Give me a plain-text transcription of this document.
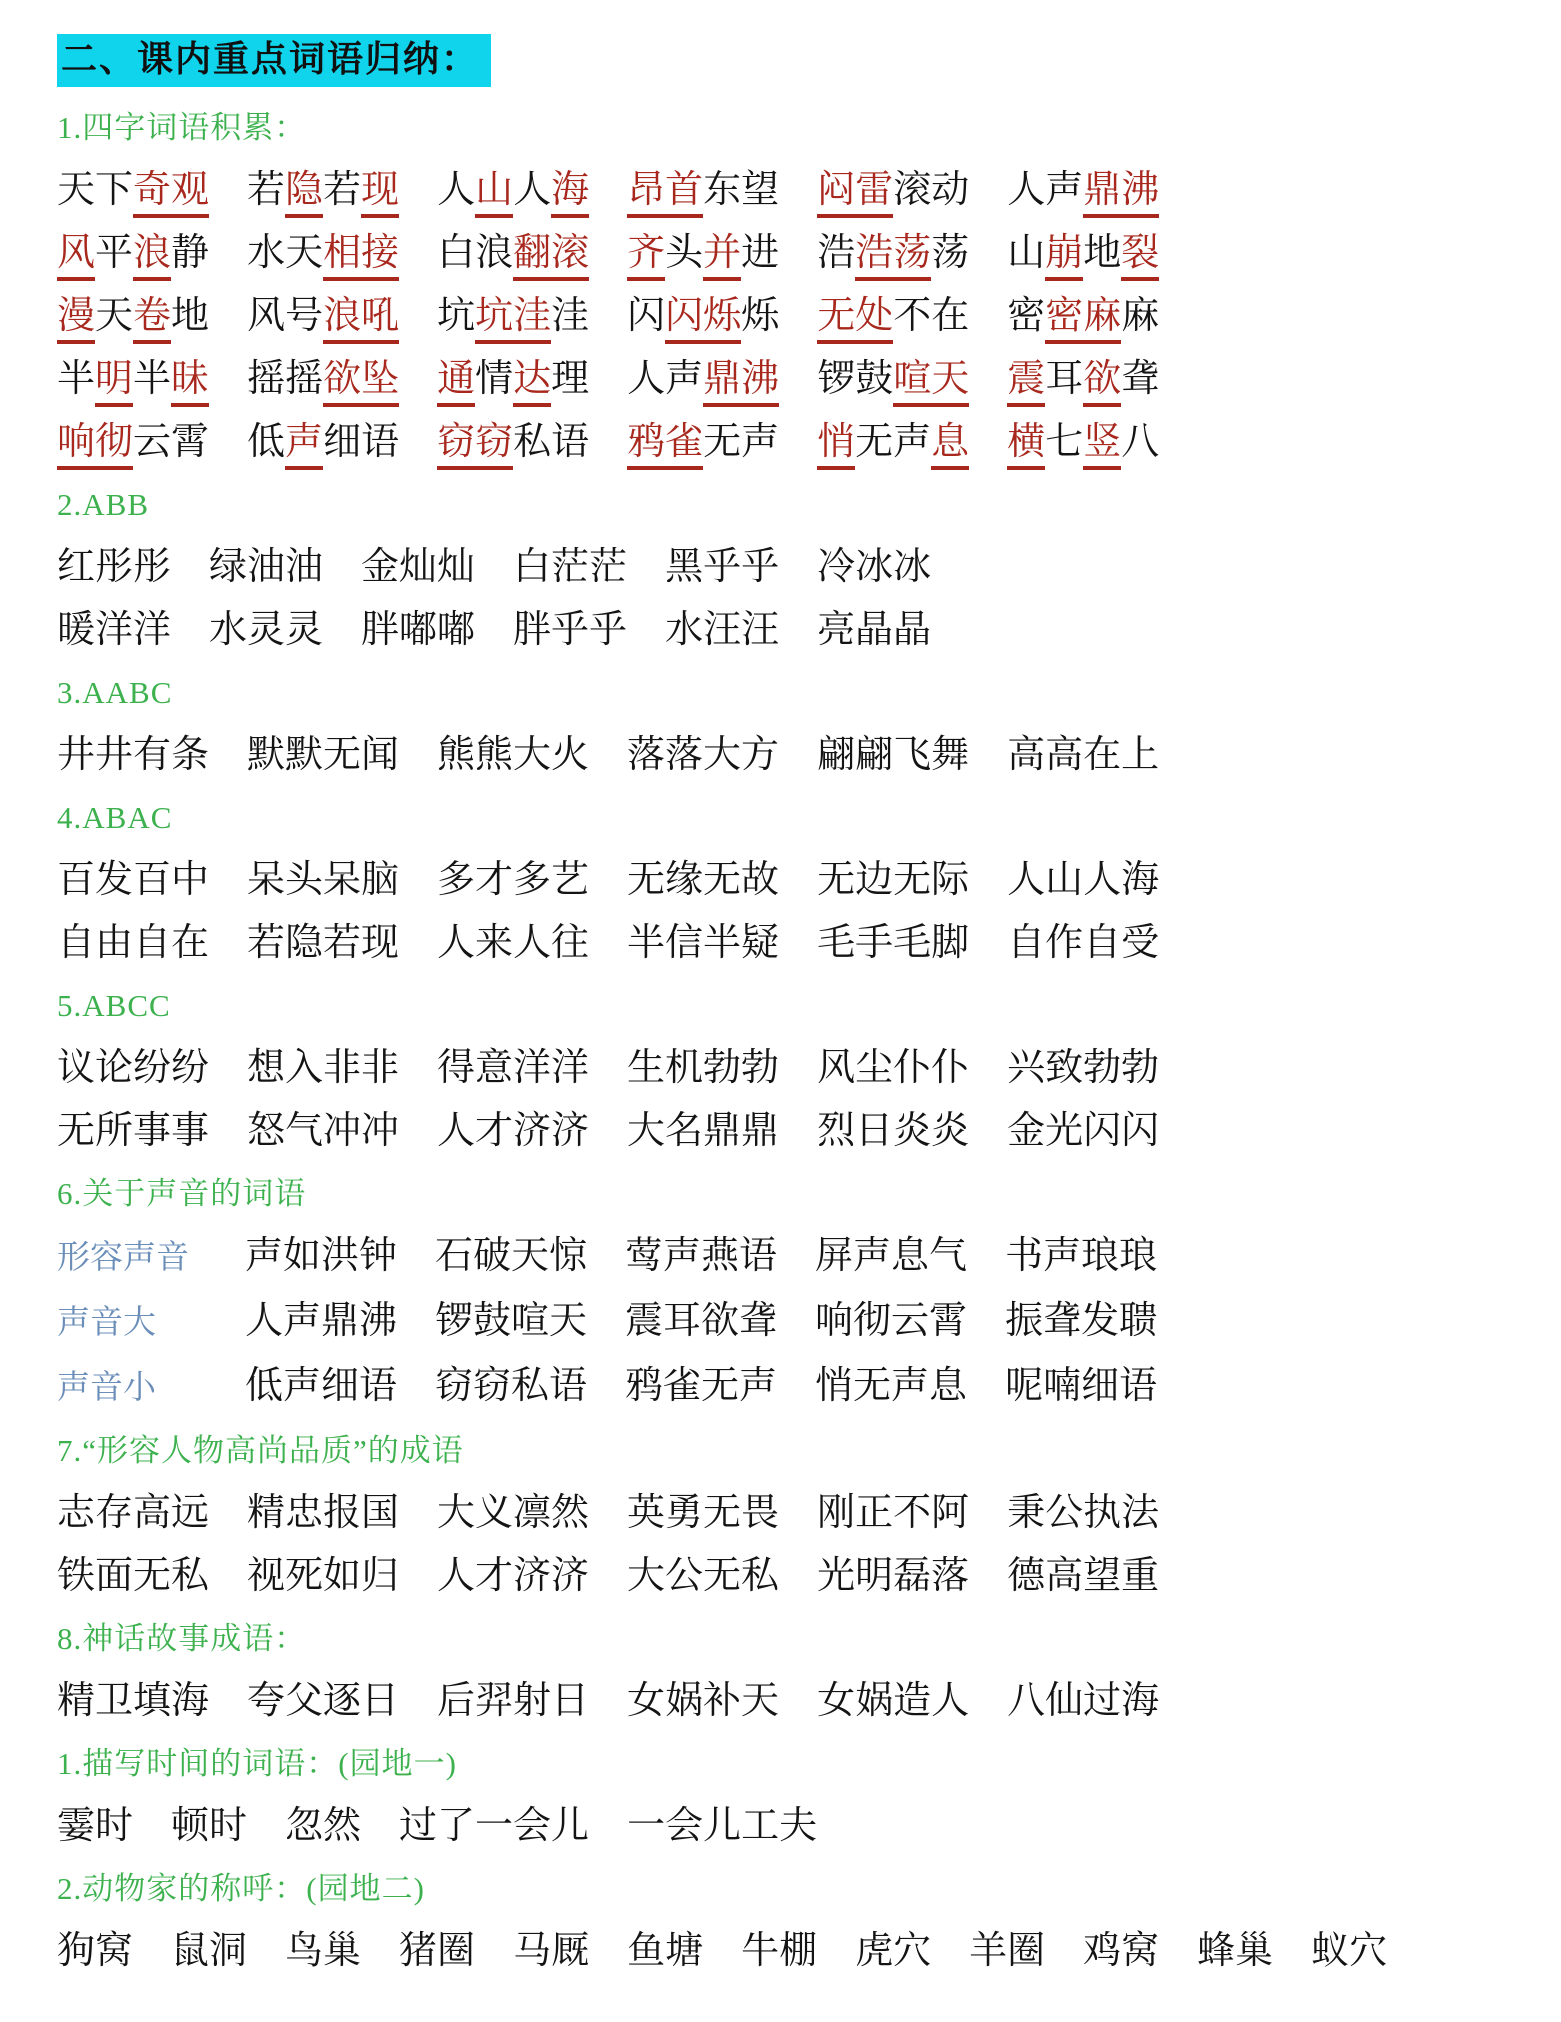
二、课内重点词语归纳：
1.四字词语积累：
天下奇观 若隐若现 人山人海 昂首东望 闷雷滚动 人声鼎沸
风平浪静 水天相接 白浪翻滚 齐头并进 浩浩荡荡 山崩地裂
漫天卷地 风号浪吼 坑坑洼洼 闪闪烁烁 无处不在 密密麻麻
半明半昧 摇摇欲坠 通情达理 人声鼎沸 锣鼓喧天 震耳欲聋
响彻云霄 低声细语 窃窃私语 鸦雀无声 悄无声息 横七竖八
2.ABB
红彤彤 绿油油 金灿灿 白茫茫 黑乎乎 冷冰冰
暖洋洋 水灵灵 胖嘟嘟 胖乎乎 水汪汪 亮晶晶
3.AABC
井井有条 默默无闻 熊熊大火 落落大方 翩翩飞舞 高高在上
4.ABAC
百发百中 呆头呆脑 多才多艺 无缘无故 无边无际 人山人海
自由自在 若隐若现 人来人往 半信半疑 毛手毛脚 自作自受
5.ABCC
议论纷纷 想入非非 得意洋洋 生机勃勃 风尘仆仆 兴致勃勃
无所事事 怒气冲冲 人才济济 大名鼎鼎 烈日炎炎 金光闪闪
6.关于声音的词语
形容声音	声如洪钟 石破天惊 莺声燕语 屏声息气 书声琅琅
声音大	人声鼎沸 锣鼓喧天 震耳欲聋 响彻云霄 振聋发聩
声音小	低声细语 窃窃私语 鸦雀无声 悄无声息 呢喃细语
7.“形容人物高尚品质”的成语
志存高远 精忠报国 大义凛然 英勇无畏 刚正不阿 秉公执法
铁面无私 视死如归 人才济济 大公无私 光明磊落 德高望重
8.神话故事成语：
精卫填海 夸父逐日 后羿射日 女娲补天 女娲造人 八仙过海
1.描写时间的词语：(园地一)
霎时 顿时 忽然 过了一会儿 一会儿工夫
2.动物家的称呼：(园地二)
狗窝 鼠洞 鸟巢 猪圈 马厩 鱼塘 牛棚 虎穴 羊圈 鸡窝 蜂巢 蚁穴
